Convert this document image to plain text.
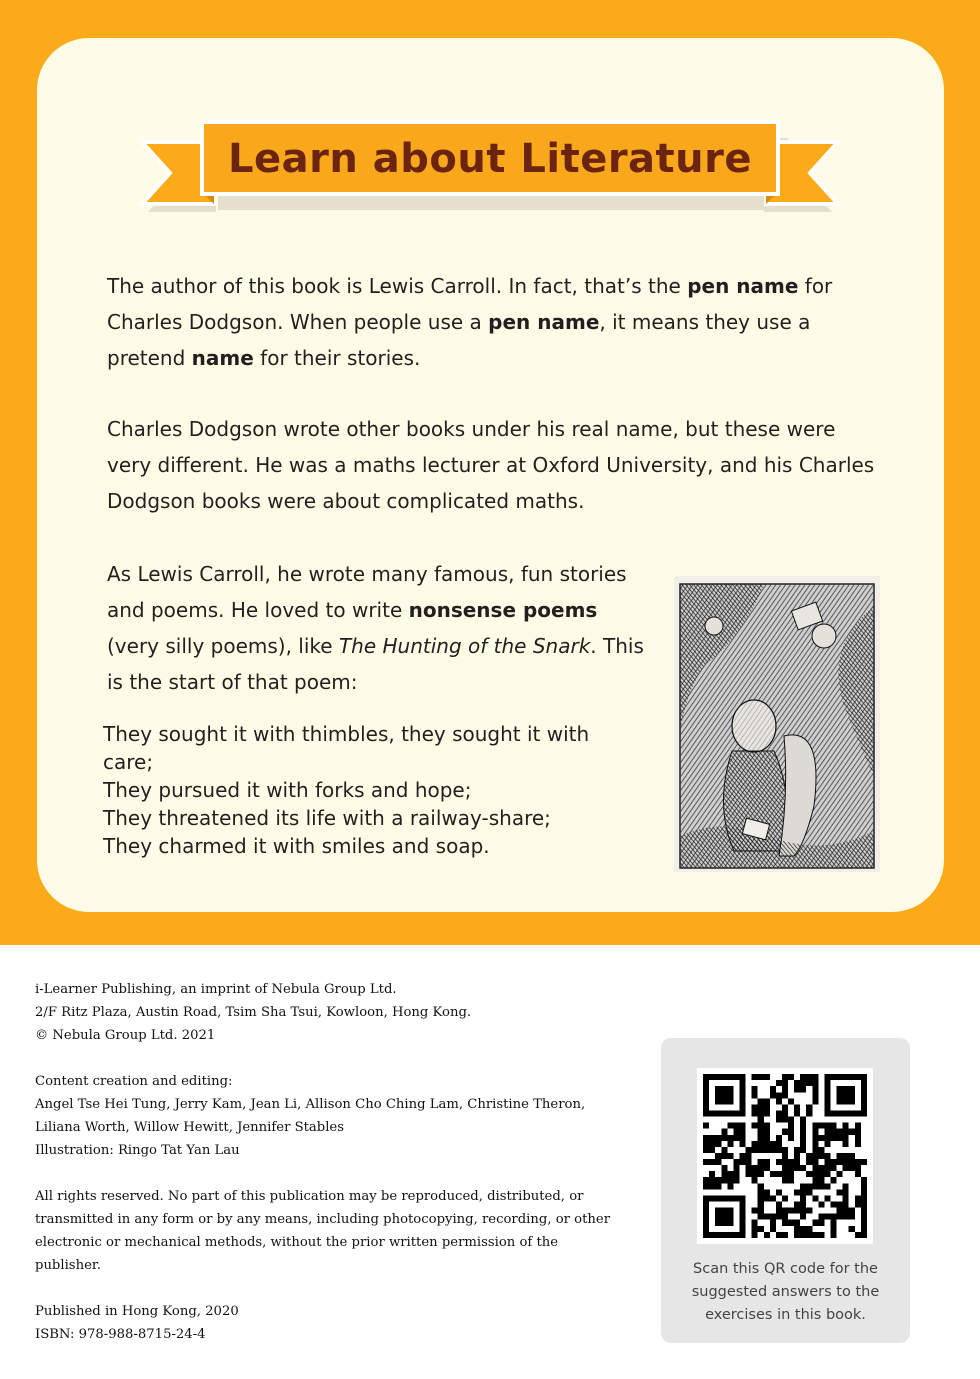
Learn about Literature

The author of this book is Lewis Carroll. In fact, that’s the pen name for Charles Dodgson. When people use a pen name, it means they use a pretend name for their stories.

Charles Dodgson wrote other books under his real name, but these were very different. He was a maths lecturer at Oxford University, and his Charles Dodgson books were about complicated maths.

As Lewis Carroll, he wrote many famous, fun stories and poems. He loved to write nonsense poems (very silly poems), like The Hunting of the Snark. This is the start of that poem:

They sought it with thimbles, they sought it with
care;
They pursued it with forks and hope;
They threatened its life with a railway-share;
They charmed it with smiles and soap.
i-Learner Publishing, an imprint of Nebula Group Ltd.
2/F Ritz Plaza, Austin Road, Tsim Sha Tsui, Kowloon, Hong Kong.
© Nebula Group Ltd. 2021
Content creation and editing:
Angel Tse Hei Tung, Jerry Kam, Jean Li, Allison Cho Ching Lam, Christine Theron,
Liliana Worth, Willow Hewitt, Jennifer Stables
Illustration: Ringo Tat Yan Lau
All rights reserved. No part of this publication may be reproduced, distributed, or
transmitted in any form or by any means, including photocopying, recording, or other
electronic or mechanical methods, without the prior written permission of the
publisher.
Published in Hong Kong, 2020
ISBN: 978-988-8715-24-4
Scan this QR code for the
suggested answers to the
exercises in this book.
